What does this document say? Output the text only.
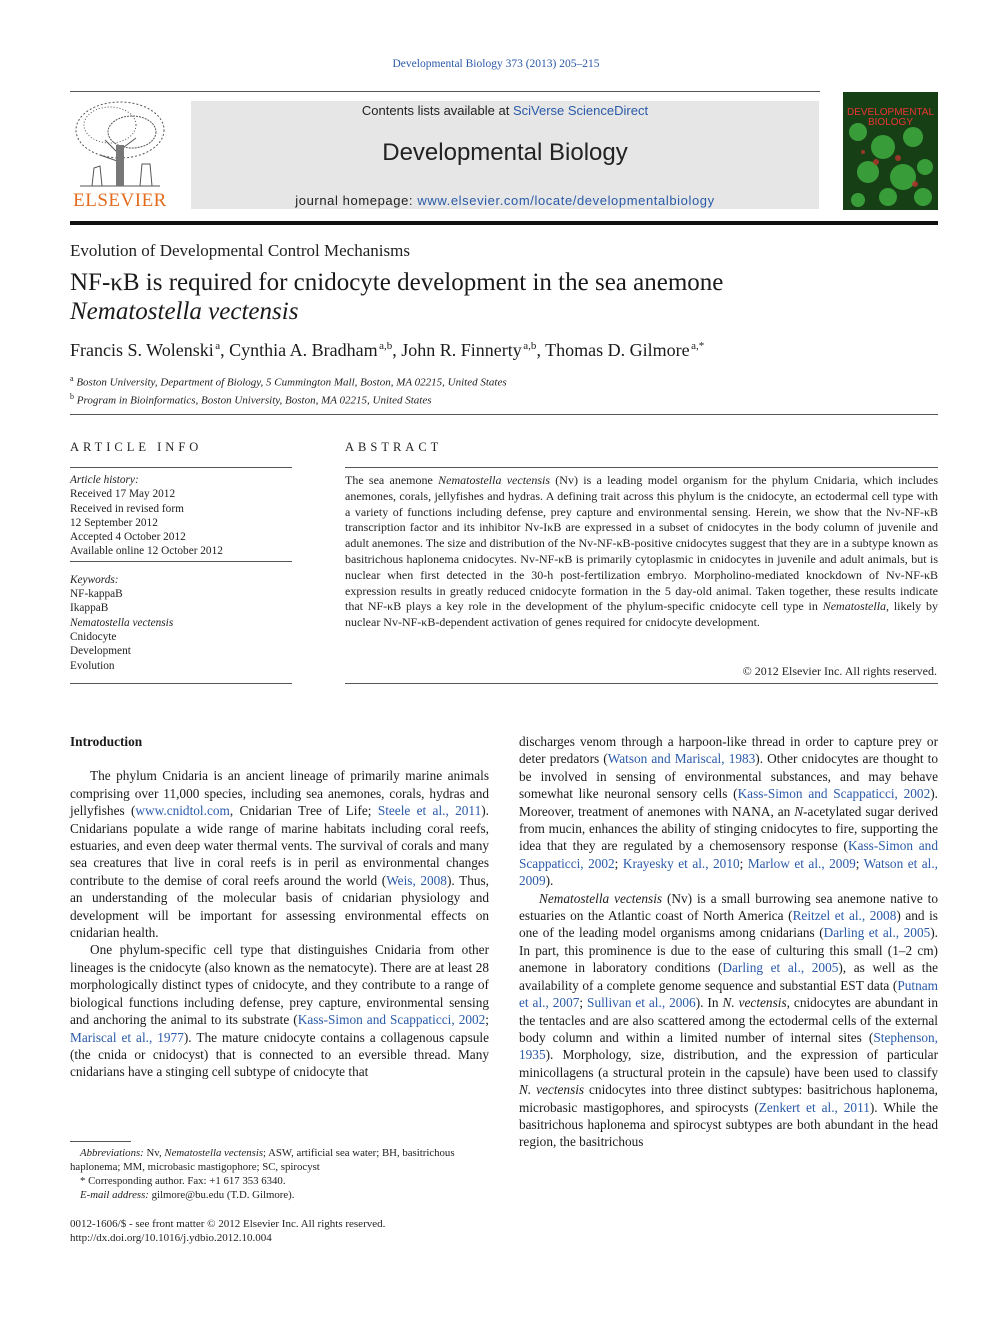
Developmental Biology 373 (2013) 205–215
ELSEVIER
Contents lists available at SciVerse ScienceDirect
Developmental Biology
journal homepage: www.elsevier.com/locate/developmentalbiology
DEVELOPMENTAL BIOLOGY
Evolution of Developmental Control Mechanisms
NF-κB is required for cnidocyte development in the sea anemone
Nematostella vectensis
Francis S. Wolenski  $^a$, Cynthia A. Bradham  $^{a,b}$, John R. Finnerty  $^{a,b}$, Thomas D. Gilmore  $^{a,*}$
$^a$ Boston University, Department of Biology, 5 Cummington Mall, Boston, MA 02215, United States
$^b$ Program in Bioinformatics, Boston University, Boston, MA 02215, United States
ARTICLE INFO
Article history:
Received 17 May 2012
Received in revised form
12 September 2012
Accepted 4 October 2012
Available online 12 October 2012
Keywords:
NF-kappaB
IkappaB
Nematostella vectensis
Cnidocyte
Development
Evolution
ABSTRACT
The sea anemone Nematostella vectensis (Nv) is a leading model organism for the phylum Cnidaria, which includes anemones, corals, jellyfishes and hydras. A defining trait across this phylum is the cnidocyte, an ectodermal cell type with a variety of functions including defense, prey capture and environmental sensing. Herein, we show that the Nv-NF-κB transcription factor and its inhibitor Nv-IκB are expressed in a subset of cnidocytes in the body column of juvenile and adult anemones. The size and distribution of the Nv-NF-κB-positive cnidocytes suggest that they are in a subtype known as basitrichous haplonema cnidocytes. Nv-NF-κB is primarily cytoplasmic in cnidocytes in juvenile and adult animals, but is nuclear when first detected in the 30-h post-fertilization embryo. Morpholino-mediated knockdown of Nv-NF-κB expression results in greatly reduced cnidocyte formation in the 5 day-old animal. Taken together, these results indicate that NF-κB plays a key role in the development of the phylum-specific cnidocyte cell type in Nematostella, likely by nuclear Nv-NF-κB-dependent activation of genes required for cnidocyte development.
© 2012 Elsevier Inc. All rights reserved.
Introduction

The phylum Cnidaria is an ancient lineage of primarily marine animals comprising over 11,000 species, including sea anemones, corals, hydras and jellyfishes (www.cnidtol.com, Cnidarian Tree of Life; Steele et al., 2011). Cnidarians populate a wide range of marine habitats including coral reefs, estuaries, and even deep water thermal vents. The survival of corals and many sea creatures that live in coral reefs is in peril as environmental changes contribute to the demise of coral reefs around the world (Weis, 2008). Thus, an understanding of the molecular basis of cnidarian physiology and development will be important for assessing environmental effects on cnidarian health.

One phylum-specific cell type that distinguishes Cnidaria from other lineages is the cnidocyte (also known as the nematocyte). There are at least 28 morphologically distinct types of cnidocyte, and they contribute to a range of biological functions including defense, prey capture, environmental sensing and anchoring the animal to its substrate (Kass-Simon and Scappaticci, 2002; Mariscal et al., 1977). The mature cnidocyte contains a collagenous capsule (the cnida or cnidocyst) that is connected to an eversible thread. Many cnidarians have a stinging cell subtype of cnidocyte that

discharges venom through a harpoon-like thread in order to capture prey or deter predators (Watson and Mariscal, 1983). Other cnidocytes are thought to be involved in sensing of environmental substances, and may behave somewhat like neuronal sensory cells (Kass-Simon and Scappaticci, 2002). Moreover, treatment of anemones with NANA, an N-acetylated sugar derived from mucin, enhances the ability of stinging cnidocytes to fire, supporting the idea that they are regulated by a chemosensory response (Kass-Simon and Scappaticci, 2002; Krayesky et al., 2010; Marlow et al., 2009; Watson et al., 2009).

Nematostella vectensis (Nv) is a small burrowing sea anemone native to estuaries on the Atlantic coast of North America (Reitzel et al., 2008) and is one of the leading model organisms among cnidarians (Darling et al., 2005). In part, this prominence is due to the ease of culturing this small (1–2 cm) anemone in laboratory conditions (Darling et al., 2005), as well as the availability of a complete genome sequence and substantial EST data (Putnam et al., 2007; Sullivan et al., 2006). In N. vectensis, cnidocytes are abundant in the tentacles and are also scattered among the ectodermal cells of the external body column and within a limited number of internal sites (Stephenson, 1935). Morphology, size, distribution, and the expression of particular minicollagens (a structural protein in the capsule) have been used to classify N. vectensis cnidocytes into three distinct subtypes: basitrichous haplonema, microbasic mastigophores, and spirocysts (Zenkert et al., 2011). While the basitrichous haplonema and spirocyst subtypes are both abundant in the head region, the basitrichous

Abbreviations: Nv, Nematostella vectensis; ASW, artificial sea water; BH, basitrichous haplonema; MM, microbasic mastigophore; SC, spirocyst

* Corresponding author. Fax: +1 617 353 6340.

E-mail address: gilmore@bu.edu (T.D. Gilmore).

0012-1606/$ - see front matter © 2012 Elsevier Inc. All rights reserved.
http://dx.doi.org/10.1016/j.ydbio.2012.10.004
